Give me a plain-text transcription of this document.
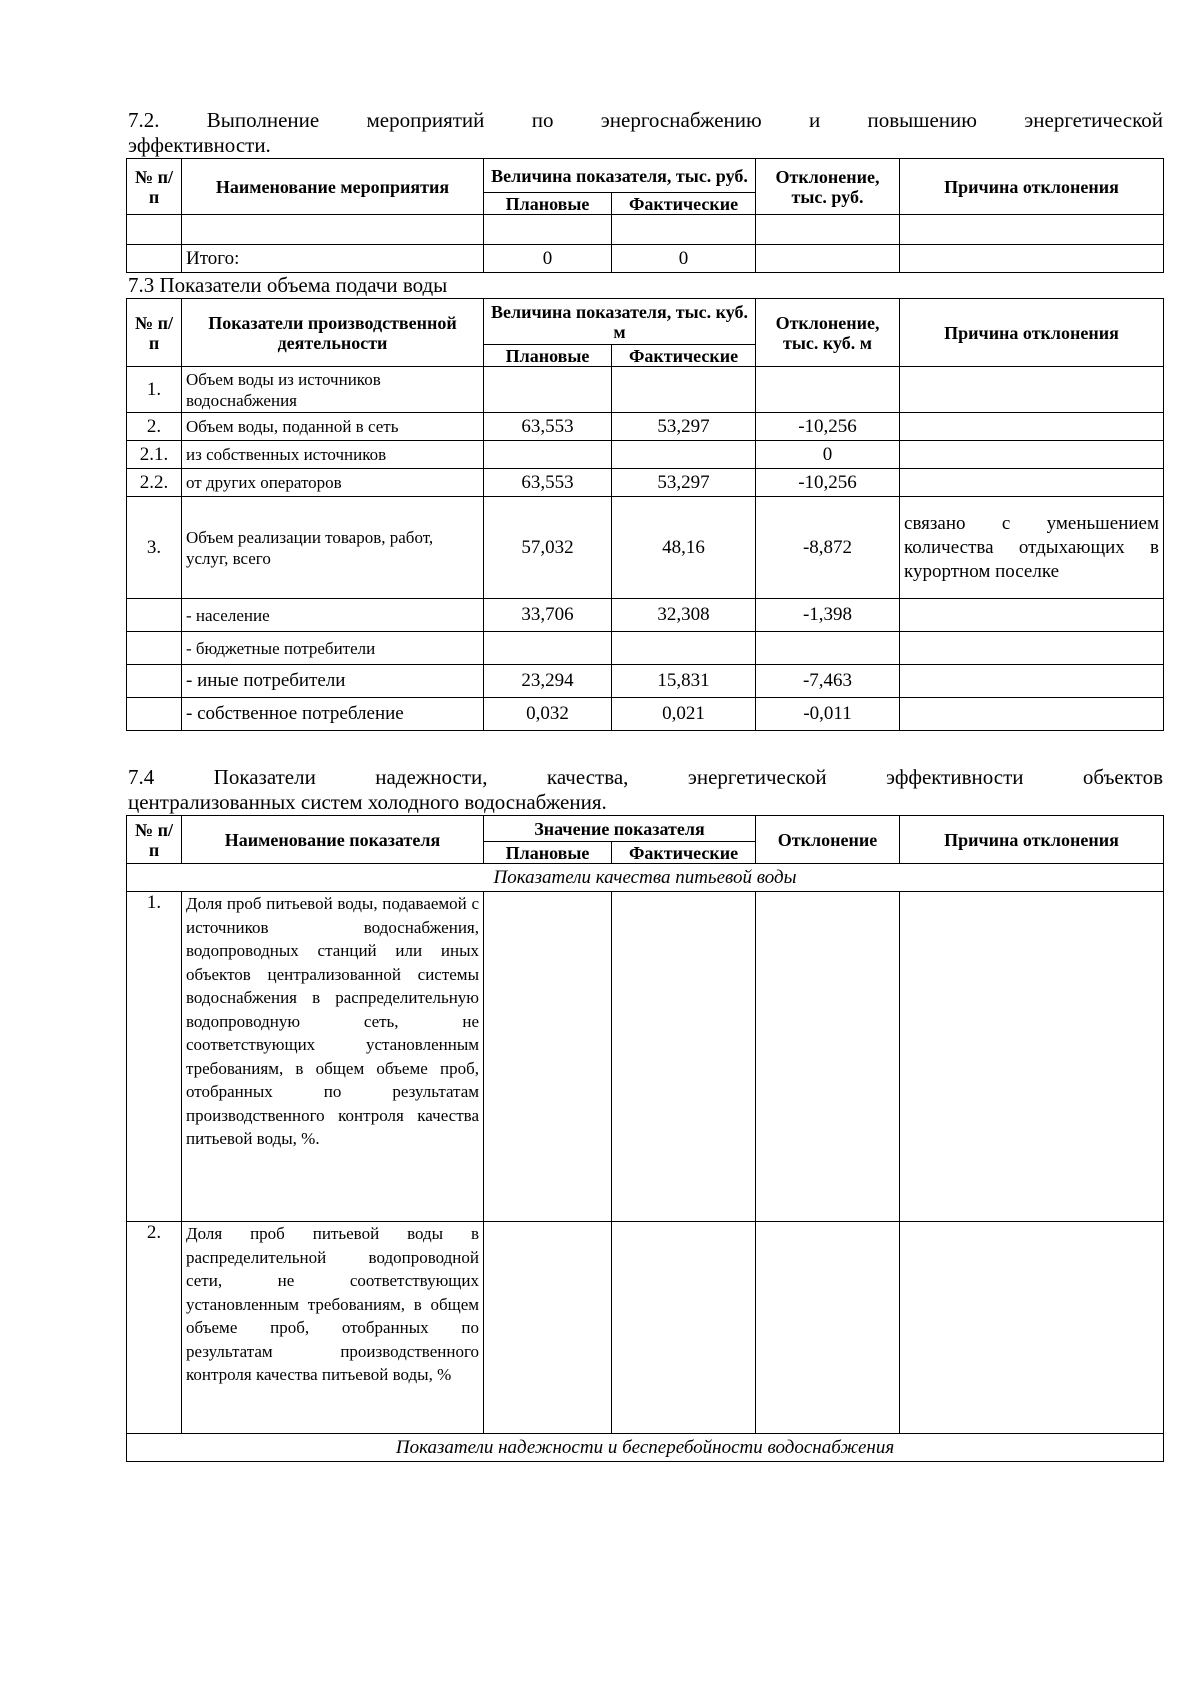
7.2. Выполнение мероприятий по энергоснабжению и повышению энергетической
эффективности.
№ п/п	Наименование мероприятия	Величина показателя, тыс. руб.		Отклонение, тыс. руб.	Причина отклонения
		Плановые	Фактические		

	Итого:	0	0		
7.3 Показатели объема подачи воды
№ п/п	Показатели производственной деятельности	Величина показателя, тыс. куб. м		Отклонение, тыс. куб. м	Причина отклонения
		Плановые	Фактические		
1.	Объем воды из источников водоснабжения				
2.	Объем воды, поданной в сеть	63,553	53,297	-10,256	
2.1.	из собственных источников			0	
2.2.	от других операторов	63,553	53,297	-10,256	
3.	Объем реализации товаров, работ, услуг, всего	57,032	48,16	-8,872	связано с уменьшением количества отдыхающих в курортном поселке
	- население	33,706	32,308	-1,398	
	- бюджетные потребители				
	- иные потребители	23,294	15,831	-7,463	
	- собственное потребление	0,032	0,021	-0,011	
7.4 Показатели надежности, качества, энергетической эффективности объектов
централизованных систем холодного водоснабжения.
№ п/п	Наименование показателя	Значение показателя		Отклонение	Причина отклонения
		Плановые	Фактические		
Показатели качества питьевой воды					
1.	Доля проб питьевой воды, подаваемой с источников водоснабжения, водопроводных станций или иных объектов централизованной системы водоснабжения в распределительную водопроводную сеть, не соответствующих установленным требованиям, в общем объеме проб, отобранных по результатам производственного контроля качества питьевой воды, %.				
2.	Доля проб питьевой воды в распределительной водопроводной сети, не соответствующих установленным требованиям, в общем объеме проб, отобранных по результатам производственного контроля качества питьевой воды, %				
Показатели надежности и бесперебойности водоснабжения					
